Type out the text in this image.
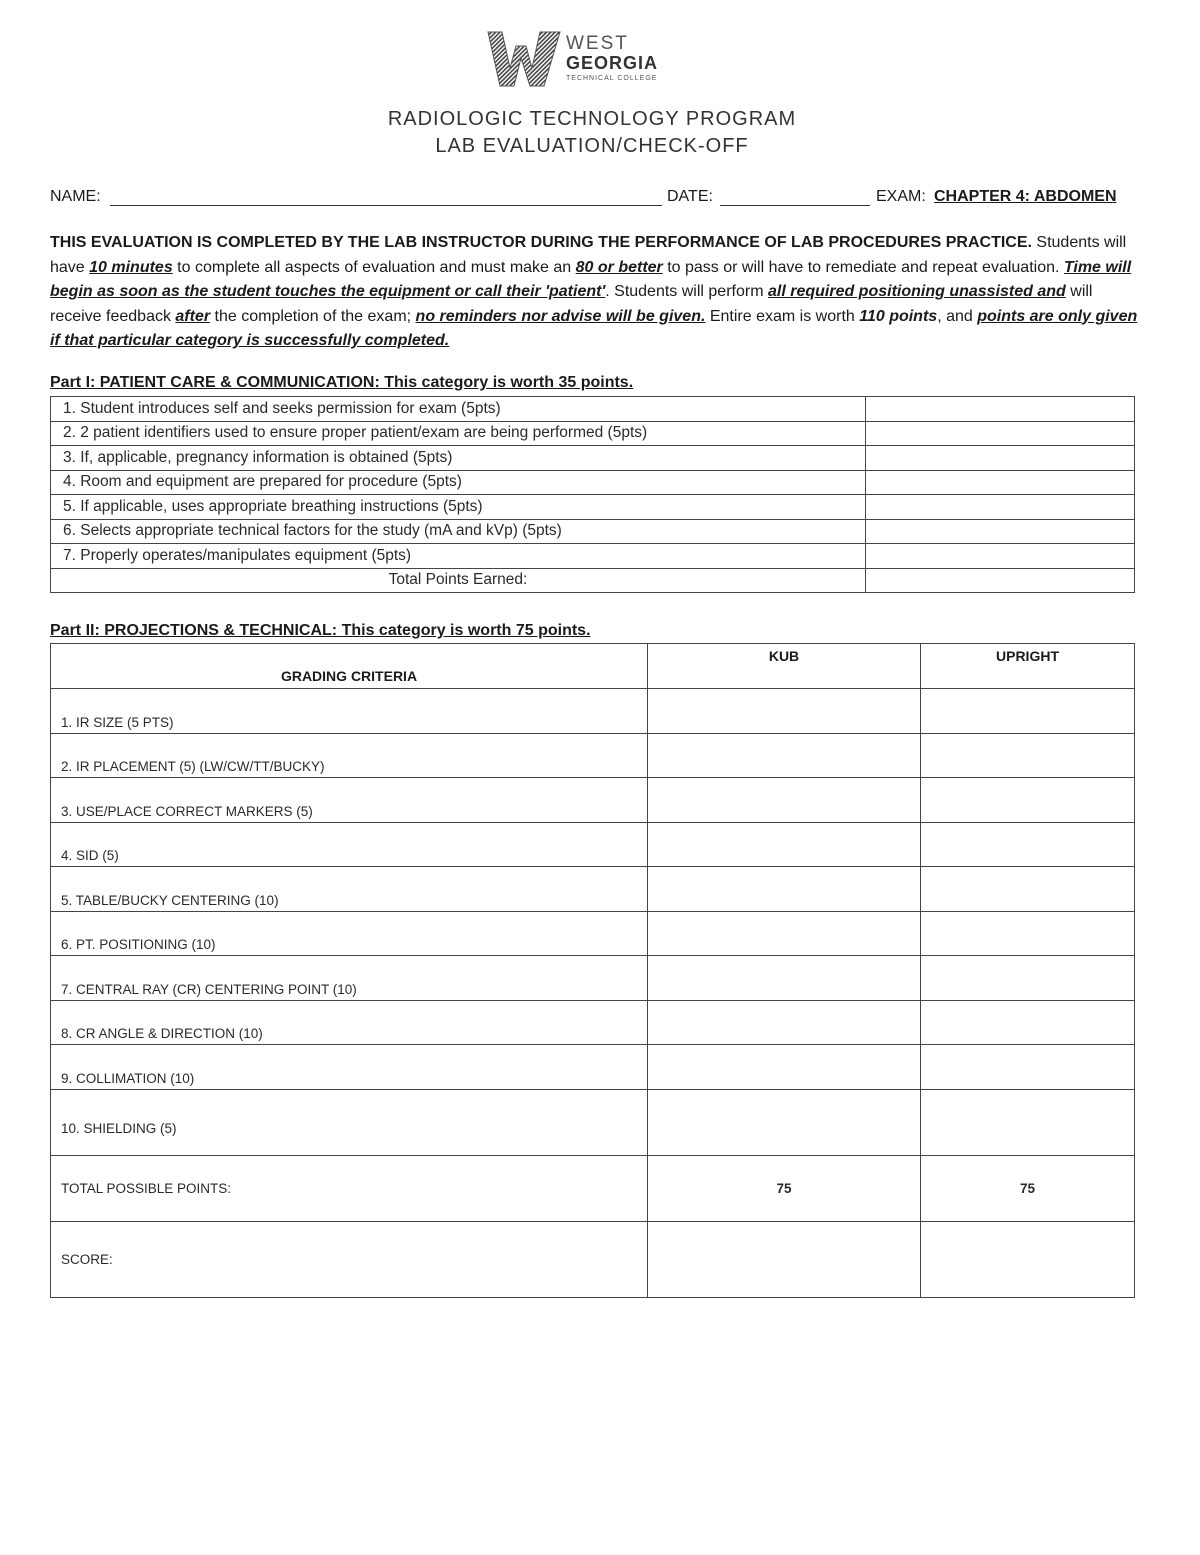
WEST
GEORGIA
TECHNICAL COLLEGE
RADIOLOGIC TECHNOLOGY PROGRAM
LAB EVALUATION/CHECK-OFF
NAME:	DATE:	EXAM: CHAPTER 4: ABDOMEN
THIS EVALUATION IS COMPLETED BY THE LAB INSTRUCTOR DURING THE PERFORMANCE OF LAB PROCEDURES PRACTICE. Students will have 10 minutes to complete all aspects of evaluation and must make an 80 or better to pass or will have to remediate and repeat evaluation. Time will begin as soon as the student touches the equipment or call their 'patient'. Students will perform all required positioning unassisted and will receive feedback after the completion of the exam; no reminders nor advise will be given. Entire exam is worth 110 points, and points are only given if that particular category is successfully completed.
Part I: PATIENT CARE & COMMUNICATION: This category is worth 35 points.
1. Student introduces self and seeks permission for exam (5pts)	
2. 2 patient identifiers used to ensure proper patient/exam are being performed (5pts)	
3. If, applicable, pregnancy information is obtained (5pts)	
4. Room and equipment are prepared for procedure (5pts)	
5. If applicable, uses appropriate breathing instructions (5pts)	
6. Selects appropriate technical factors for the study (mA and kVp) (5pts)	
7. Properly operates/manipulates equipment (5pts)	
Total Points Earned:	
Part II: PROJECTIONS & TECHNICAL: This category is worth 75 points.
GRADING CRITERIA	KUB	UPRIGHT
1. IR SIZE (5 PTS)		
2. IR PLACEMENT (5) (LW/CW/TT/BUCKY)		
3. USE/PLACE CORRECT MARKERS (5)		
4. SID (5)		
5. TABLE/BUCKY CENTERING (10)		
6. PT. POSITIONING (10)		
7. CENTRAL RAY (CR) CENTERING POINT (10)		
8. CR ANGLE & DIRECTION (10)		
9. COLLIMATION (10)		
10. SHIELDING (5)		
TOTAL POSSIBLE POINTS:	75	75
SCORE:		
